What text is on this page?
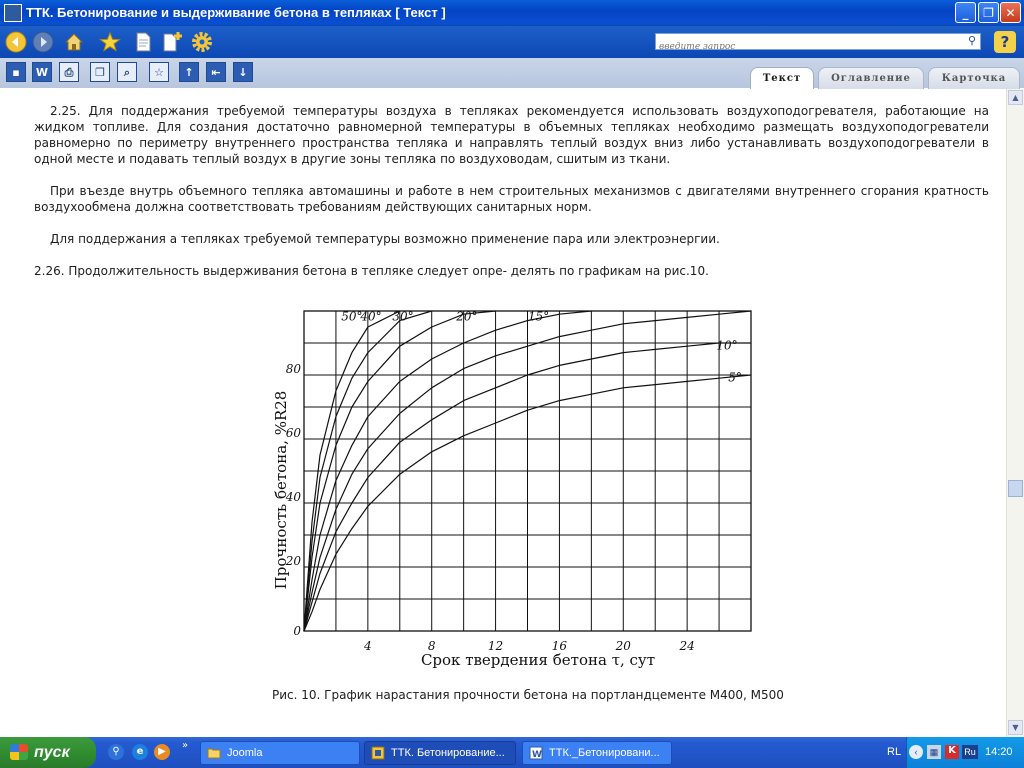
ТТК. Бетонирование и выдерживание бетона в тепляках [ Текст ]	_	❐ ✕
введите запрос
⚲	?
▪	W	⎙	❐	⌕	☆	↑	⇤	↓	Текст	Оглавление	Карточка
2.25. Для поддержания требуемой температуры воздуха в тепляках рекомендуется использовать воздухоподогревателя, работающие на жидком топливе. Для создания достаточно равномерной температуры в объемных тепляках необходимо размещать воздухоподогреватели равномерно по периметру внутреннего пространства тепляка и направлять теплый воздух вниз либо устанавливать воздухоподогреватели в одной месте и подавать теплый воздух в другие зоны тепляка по воздуховодам, сшитым из ткани.
При въезде внутрь объемного тепляка автомашины и работе в нем строительных механизмов с двигателями внутреннего сгорания кратность воздухообмена должна соответствовать требованиям действующих санитарных норм.
Для поддержания а тепляках требуемой температуры возможно применение пара или электроэнергии.
2.26. Продолжительность выдерживания бетона в тепляке следует опре- делять по графикам на рис.10.
50°
40° 30°	20°	15°
10°
5°
4	8	12	16	20	24
0
20
40
60
80
Срок твердения бетона τ, сут
Прочность бетона, %R28
Рис. 10. График нарастания прочности бетона на портландцементе М400, М500
▲
▼
пуск	⚲	e	▶
»
Joomla	ТТК. Бетонирование...	W ТТК._Бетонировани...	RL	‹	▦ K Ru 14:20
